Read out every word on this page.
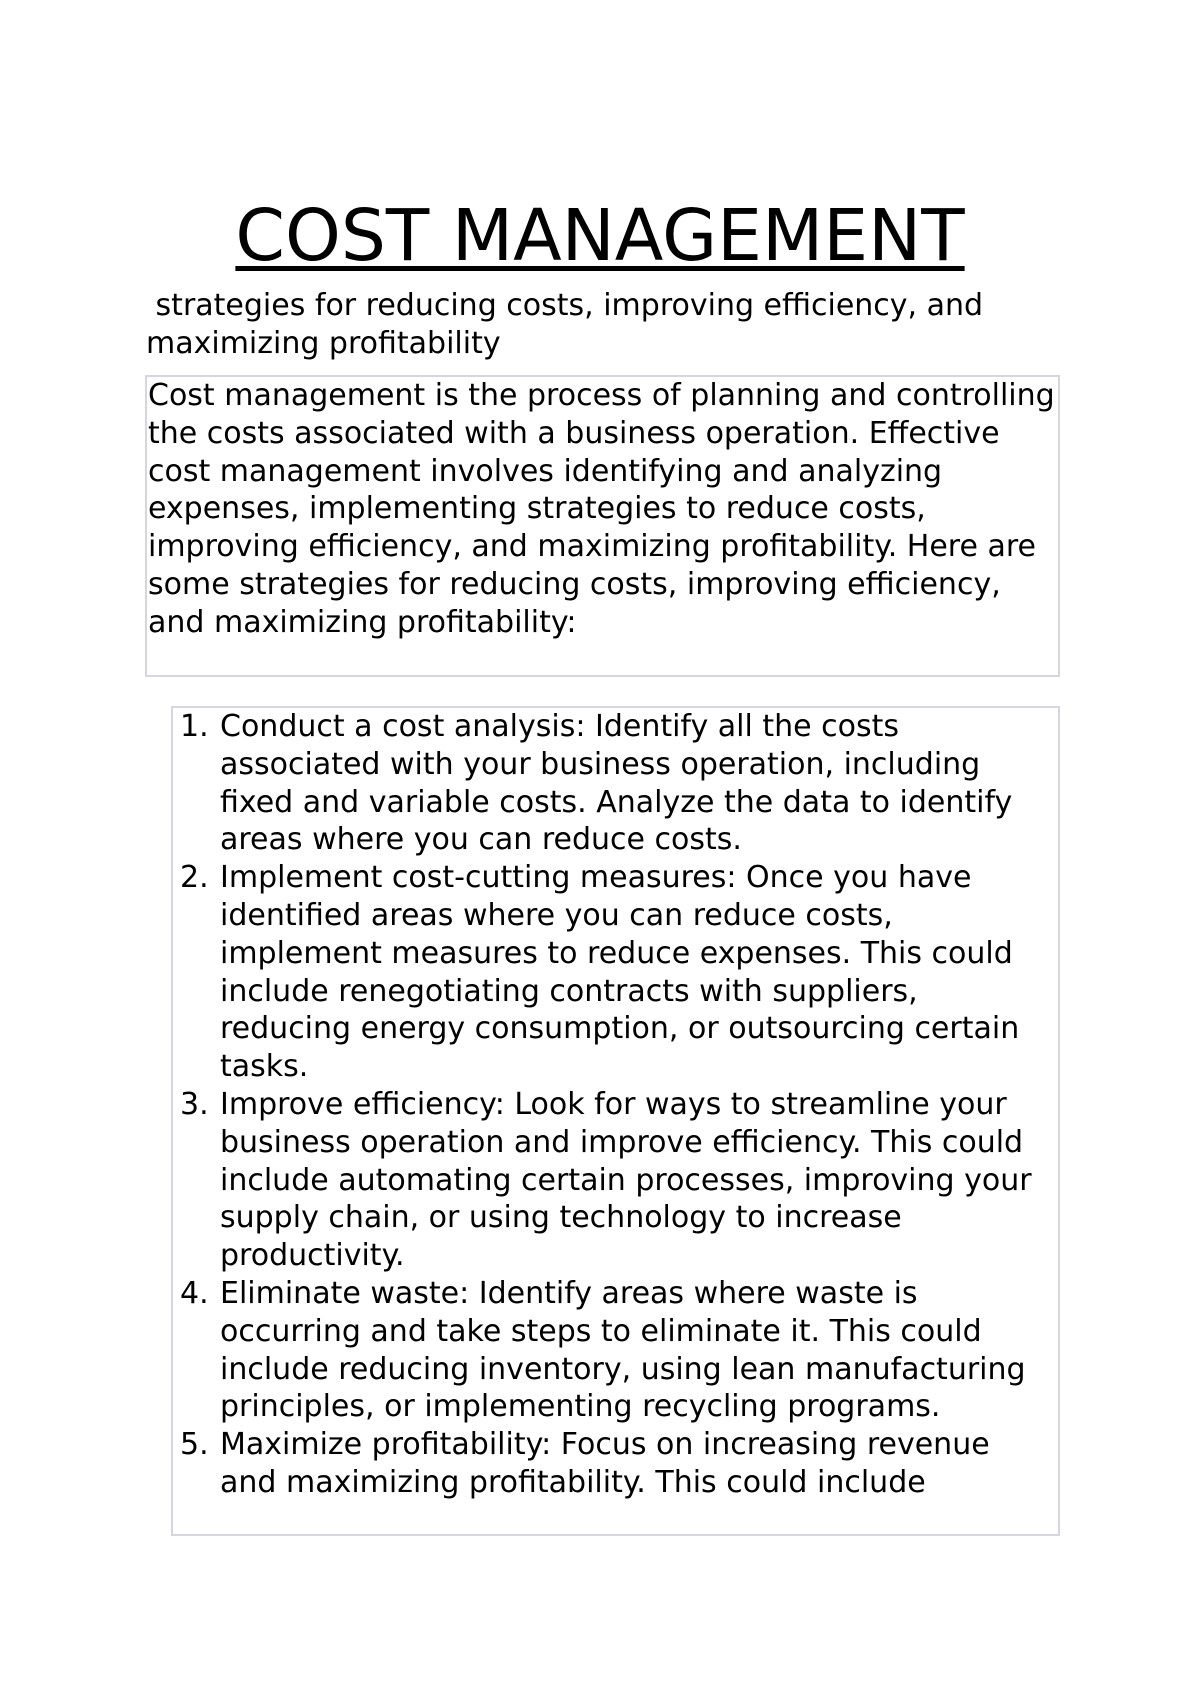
COST MANAGEMENT

strategies for reducing costs, improving efficiency, and maximizing profitability

Cost management is the process of planning and controlling the costs associated with a business operation. Effective cost management involves identifying and analyzing expenses, implementing strategies to reduce costs, improving efficiency, and maximizing profitability. Here are some strategies for reducing costs, improving efficiency, and maximizing profitability:

1. Conduct a cost analysis: Identify all the costs associated with your business operation, including fixed and variable costs. Analyze the data to identify areas where you can reduce costs.
2. Implement cost-cutting measures: Once you have identified areas where you can reduce costs, implement measures to reduce expenses. This could include renegotiating contracts with suppliers, reducing energy consumption, or outsourcing certain tasks.
3. Improve efficiency: Look for ways to streamline your business operation and improve efficiency. This could include automating certain processes, improving your supply chain, or using technology to increase productivity.
4. Eliminate waste: Identify areas where waste is occurring and take steps to eliminate it. This could include reducing inventory, using lean manufacturing principles, or implementing recycling programs.
5. Maximize profitability: Focus on increasing revenue and maximizing profitability. This could include
